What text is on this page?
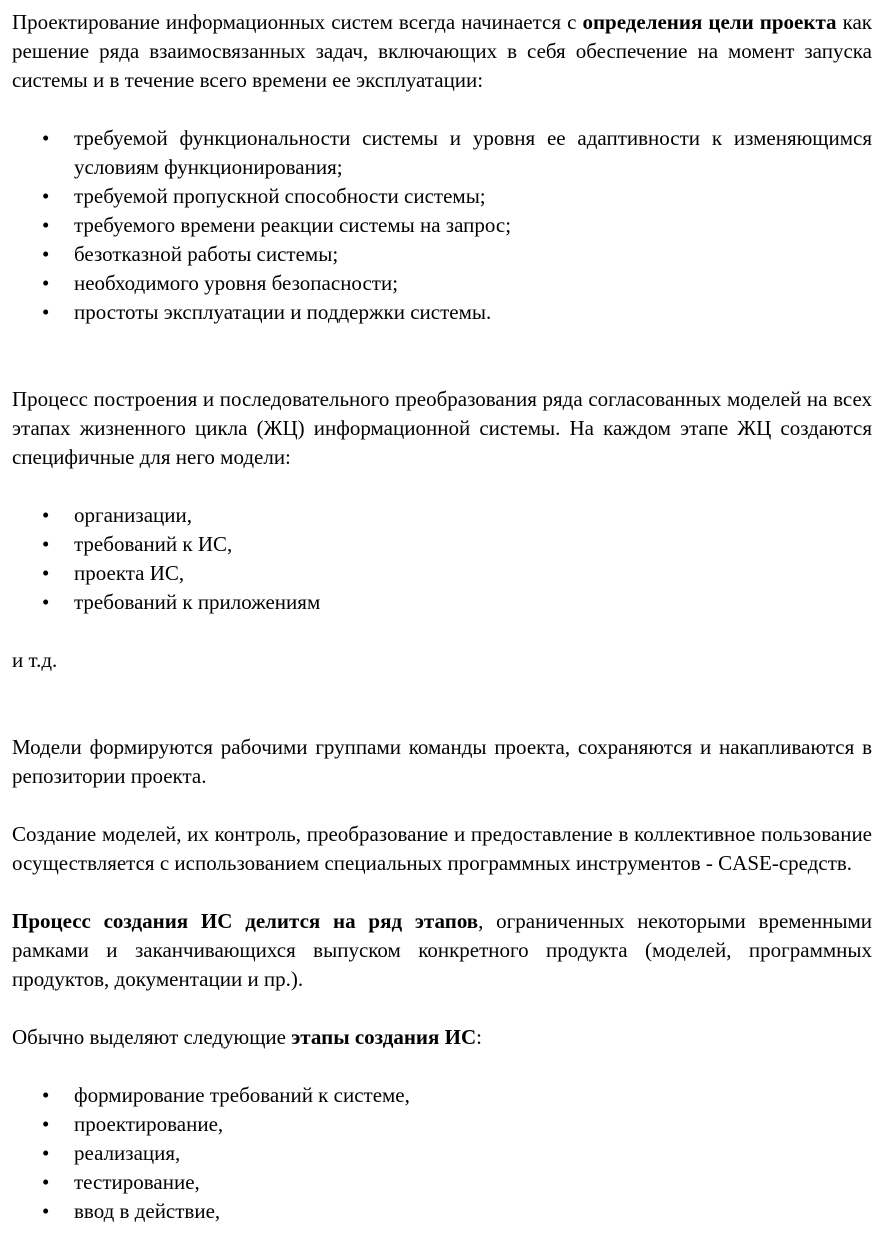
Проектирование информационных систем всегда начинается с определения цели проекта как решение ряда взаимосвязанных задач, включающих в себя обеспечение на момент запуска системы и в течение всего времени ее эксплуатации:

• требуемой функциональности системы и уровня ее адаптивности к изменяющимся условиям функционирования;
• требуемой пропускной способности системы;
• требуемого времени реакции системы на запрос;
• безотказной работы системы;
• необходимого уровня безопасности;
• простоты эксплуатации и поддержки системы.

Процесс построения и последовательного преобразования ряда согласованных моделей на всех этапах жизненного цикла (ЖЦ) информационной системы. На каждом этапе ЖЦ создаются специфичные для него модели:

• организации,
• требований к ИС,
• проекта ИС,
• требований к приложениям

и т.д.

Модели формируются рабочими группами команды проекта, сохраняются и накапливаются в репозитории проекта.

Создание моделей, их контроль, преобразование и предоставление в коллективное пользование осуществляется с использованием специальных программных инструментов - CASE-средств.

Процесс создания ИС делится на ряд этапов, ограниченных некоторыми временными рамками и заканчивающихся выпуском конкретного продукта (моделей, программных продуктов, документации и пр.).

Обычно выделяют следующие этапы создания ИС:

• формирование требований к системе,
• проектирование,
• реализация,
• тестирование,
• ввод в действие,
